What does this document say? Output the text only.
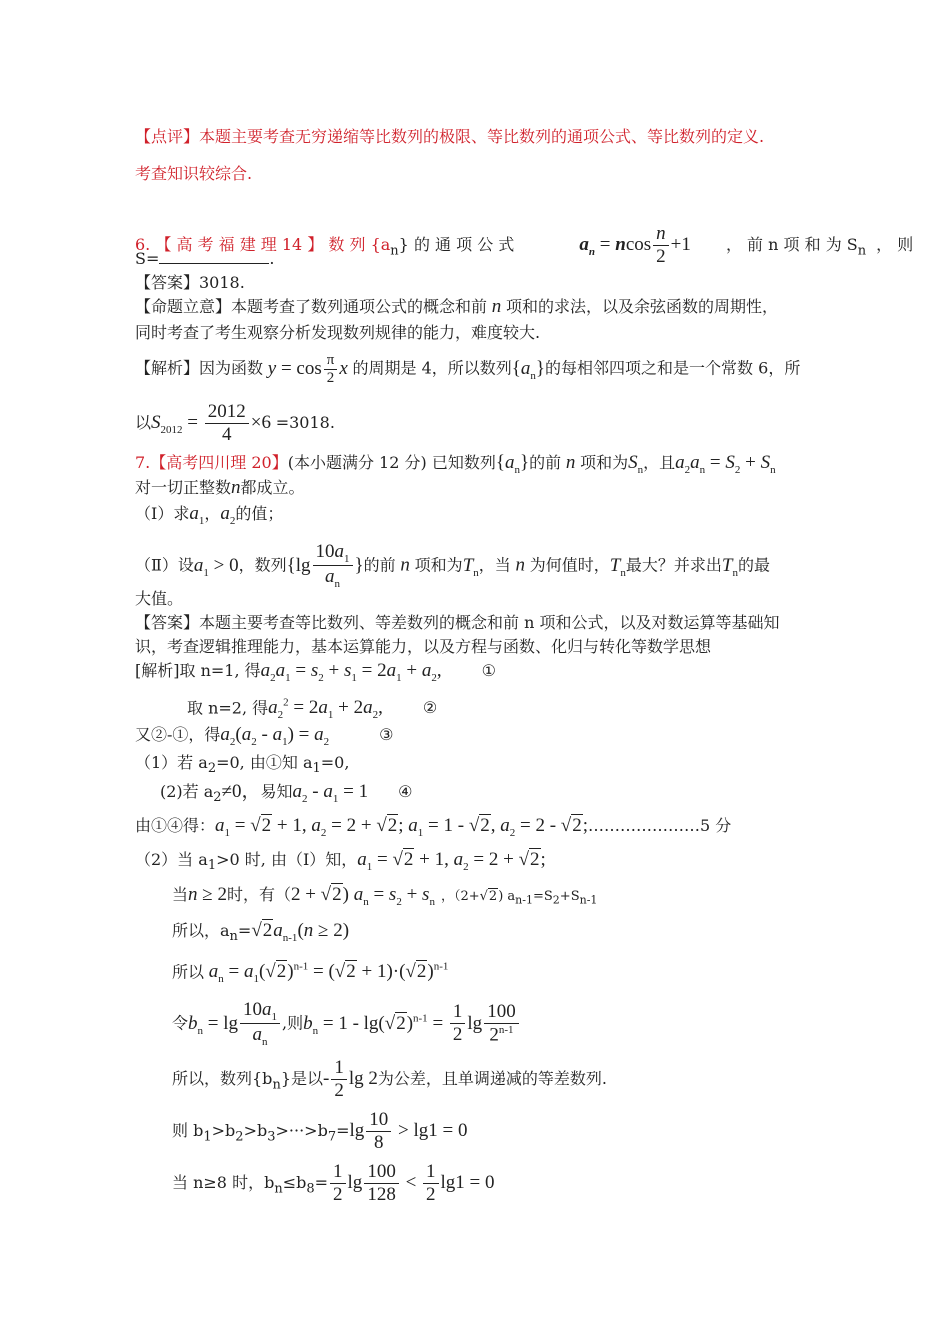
【点评】本题主要考查无穷递缩等比数列的极限、等比数列的通项公式、等比数列的定义.
考查知识较综合.
6. 【 高 考 福 建 理 14 】 数 列 $\{a_n\}$ 的 通 项 公 式	$a_n = ncos \frac{n}{2} +1$ ， 前 n 项 和 为 $S_n$ ， 则
S=	.
【答案】3018.
【命题立意】本题考查了数列通项公式的概念和前 n 项和的求法，以及余弦函数的周期性，
同时考查了考生观察分析发现数列规律的能力，难度较大.
【解析】因为函数 $y = \cos \frac{\pi}{2}$ x 的周期是 4，所以数列$\{a_n\}$的每相邻四项之和是一个常数 6，所
以$S_{2012} = \frac{2012}{4} \times 6 =3018$.
7.【高考四川理 20】(本小题满分 12 分) 已知数列$\{a_n\}$的前 n 项和为$S_n$，且$a_2a_n = S_2 + S_n$
对一切正整数n都成立。
（Ⅰ）求$a_1$，$a_2$的值；
（Ⅱ）设$a_1 > 0$，数列{$\lg \frac{10a_1}{a_n}$ }的前 n 项和为$T_n$，当 n 为何值时，$T_n$最大？并求出$T_n$的最
大值。
【答案】本题主要考查等比数列、等差数列的概念和前 n 项和公式，以及对数运算等基础知
识，考查逻辑推理能力，基本运算能力，以及方程与函数、化归与转化等数学思想
[解析]取 n=1, 得$a_2a_1 = s_2 + s_1 = 2a_1 + a_2$,	①
取 n=2, 得$a_2^2 = 2a_1 + 2a_2$,	②
又②-①，得$a_2(a_2 - a_1) = a_2$	③
（1）若 $a_2=0$, 由①知 $a_1=0$,
(2)若 $a_2\ne 0$，易知$a_2 - a_1 = 1$ ④
由①④得：$a_1 = √2 + 1$, $a_2 = 2 + √2$; $a_1 = 1 - √2$, $a_2 = 2$ - √2;…………………5 分
（2）当 $a_1>0$ 时, 由（Ⅰ）知，$a_1 = √2 + 1$, $a_2 = 2 + √2$;
当n ≥ 2时，有（2 + √2) $a_n = s_2 + s_n$ ，（2+√2) $a_{n-1}=S_2+S_{n-1}$
所以，$a_n=√2a_{n-1}(n \ge 2)$
所以 $a_n = a_1(√2)^{n-1} = (√2 + 1)\cdot(√2)^{n-1}$
令$b_n = \lg \frac{10a_1}{a_n}$ ,则$b_n = 1 - \lg(√2)^{n-1} = \frac{1}{2}$ $\lg \frac{100}{2^{n-1}}$
所以，数列$\{b_n\}$是以- $\frac{1}{2}$ lg 2为公差，且单调递减的等差数列.
则 $b_1>b_2>b_3>\cdot\cdot\cdot>b_7=\lg \frac{10}{8} > \lg 1 = 0$
当 n≥8 时，$b_n\le b_8= \frac{1}{2}$ $\lg \frac{100}{128} < \frac{1}{2} \lg 1 = 0$
